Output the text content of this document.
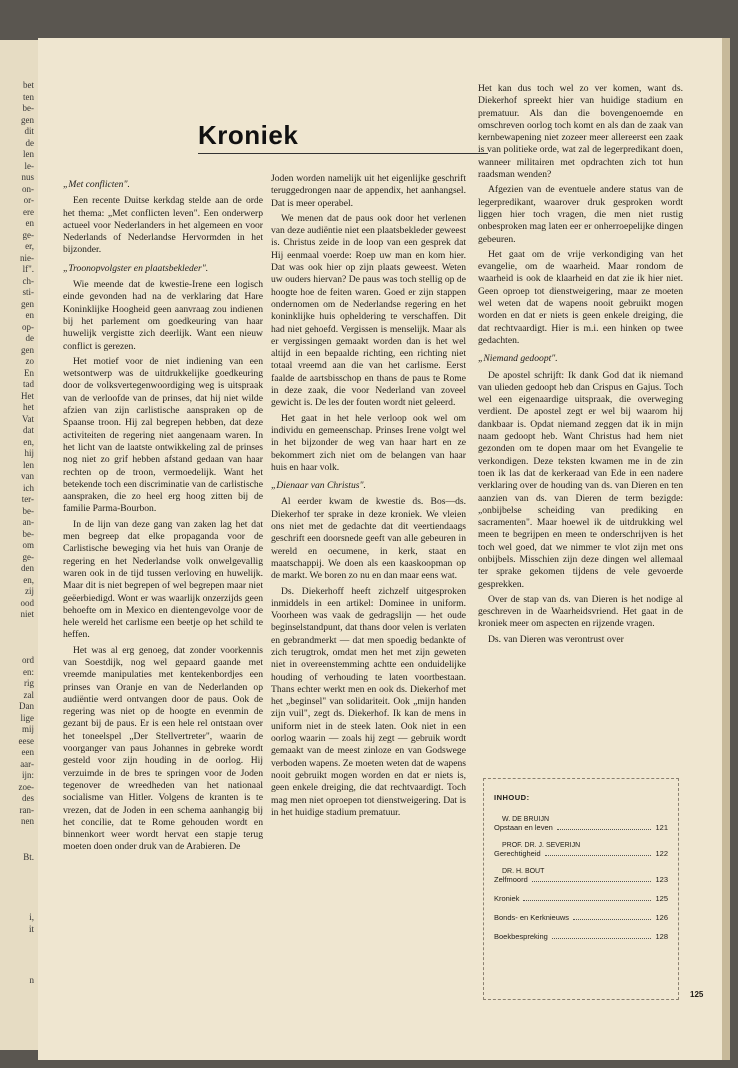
bet
ten
be-
gen
dit
de
len
le-
nus
on-
or-
ere
en
ge-
er,
nie-
lf".
ch-
sti-
gen
en
op-
de
gen
zo
En
tad
Het
het
Vat
dat
en,
hij
len
van
ich
ter-
be-
an-
be-
om
ge-
den
en,
zij
ood
niet
ord
en:
rig
zal
Dan
lige
mij
eese
een
aar-
ijn:
zoe-
des
ran-
nen
Bt.
i,
it
n
Kroniek
„Met conflicten".

Een recente Duitse kerkdag stelde aan de orde het thema: „Met conflicten leven". Een onderwerp actueel voor Nederlanders in het algemeen en voor Nederlands of Nederlandse Hervormden in het bijzonder.

„Troonopvolgster en plaatsbekleder".

Wie meende dat de kwestie-Irene een logisch einde gevonden had na de verklaring dat Hare Koninklijke Hoogheid geen aanvraag zou indienen bij het parlement om goedkeuring van haar huwelijk vergistte zich deerlijk. Want een nieuw conflict is gerezen.

Het motief voor de niet indiening van een wetsontwerp was de uitdrukkelijke goedkeuring door de volksvertegenwoordiging weg is uitspraak van de verloofde van de prinses, dat hij niet wilde afzien van zijn carlistische aanspraken op de Spaanse troon. Hij zal begrepen hebben, dat deze activiteiten de regering niet aangenaam waren. In het licht van de laatste ontwikkeling zal de prinses nog niet zo grif hebben afstand gedaan van haar rechten op de troon, vermoedelijk. Want het betekende toch een discriminatie van de carlistische aanspraken, die zo heel erg hoog zitten bij de familie Parma-Bourbon.

In de lijn van deze gang van zaken lag het dat men begreep dat elke propaganda voor de Carlistische beweging via het huis van Oranje de regering en het Nederlandse volk onwelgevallig waren ook in de tijd tussen verloving en huwelijk. Maar dit is niet begrepen of wel begrepen maar niet geëerbiedigd. Wont er was waarlijk onzerzijds geen behoefte om in Mexico en dientengevolge voor de hele wereld het carlisme een beetje op het schild te heffen.

Het was al erg genoeg, dat zonder voorkennis van Soestdijk, nog wel gepaard gaande met vreemde manipulaties met kentekenbordjes een prinses van Oranje en van de Nederlanden op audiëntie werd ontvangen door de paus. Ook de regering was niet op de hoogte en evenmin de gezant bij de paus. Er is een hele rel ontstaan over het toneelspel „Der Stellvertreter", waarin de voorganger van paus Johannes in gebreke wordt gesteld voor zijn houding in de oorlog. Hij verzuimde in de bres te springen voor de Joden tegenover de wreedheden van het nationaal socialisme van Hitler. Volgens de kranten is te vrezen, dat de Joden in een schema aanhangig bij het concilie, dat te Rome gehouden wordt en binnenkort weer wordt hervat een stapje terug moeten doen onder druk van de Arabieren. De

Joden worden namelijk uit het eigenlijke geschrift teruggedrongen naar de appendix, het aanhangsel. Dat is meer operabel.

We menen dat de paus ook door het verlenen van deze audiëntie niet een plaatsbekleder geweest is. Christus zeide in de loop van een gesprek dat Hij eenmaal voerde: Roep uw man en kom hier. Dat was ook hier op zijn plaats geweest. Weten uw ouders hiervan? De paus was toch stellig op de hoogte hoe de feiten waren. Goed er zijn stappen ondernomen om de Nederlandse regering en het koninklijke huis opheldering te verschaffen. Dit had niet gehoefd. Vergissen is menselijk. Maar als er vergissingen gemaakt worden dan is het wel altijd in een bepaalde richting, een richting niet totaal vreemd aan die van het carlisme. Eerst faalde de aartsbisschop en thans de paus te Rome in deze zaak, die voor Nederland van zoveel gewicht is. De les der fouten wordt niet geleerd.

Het gaat in het hele verloop ook wel om individu en gemeenschap. Prinses Irene volgt wel in het bijzonder de weg van haar hart en ze bekommert zich niet om de belangen van haar huis en haar volk.

„Dienaar van Christus".

Al eerder kwam de kwestie ds. Bos—ds. Diekerhof ter sprake in deze kroniek. We vleien ons niet met de gedachte dat dit veertiendaags geschrift een doorsnede geeft van alle gebeuren in wereld en oecumene, in kerk, staat en maatschappij. We doen als een kaaskoopman op de markt. We boren zo nu en dan maar eens wat.

Ds. Diekerhoff heeft zichzelf uitgesproken inmiddels in een artikel: Dominee in uniform. Voorheen was vaak de gedragslijn — het oude beginselstandpunt, dat thans door velen is verlaten en gebrandmerkt — dat men spoedig bedankte of zich terugtrok, omdat men het met zijn geweten niet in overeenstemming achtte een onduidelijke houding of verhouding te laten voortbestaan. Thans echter werkt men en ook ds. Diekerhof met het „beginsel" van solidariteit. Ook „mijn handen zijn vuil", zegt ds. Diekerhof. Ik kan de mens in uniform niet in de steek laten. Ook niet in een oorlog waarin — zoals hij zegt — gebruik wordt gemaakt van de meest zinloze en van Godswege verboden wapens. Ze moeten weten dat de wapens nooit gebruikt mogen worden en dat er niets is, geen enkele dreiging, die dat rechtvaardigt. Toch mag men niet oproepen tot dienstweigering. Dat is in het huidige stadium prematuur.

Het kan dus toch wel zo ver komen, want ds. Diekerhof spreekt hier van huidige stadium en prematuur. Als dan die bovengenoemde en omschreven oorlog toch komt en als dan de zaak van kernbewapening niet zozeer meer allereerst een zaak is van politieke orde, wat zal de legerpredikant doen, wanneer militairen met opdrachten zich tot hun raadsman wenden?

Afgezien van de eventuele andere status van de legerpredikant, waarover druk gesproken wordt liggen hier toch vragen, die men niet rustig onbesproken mag laten eer er onherroepelijke dingen gebeuren.

Het gaat om de vrije verkondiging van het evangelie, om de waarheid. Maar rondom de waarheid is ook de klaarheid en dat zie ik hier niet. Geen oproep tot dienstweigering, maar ze moeten wel weten dat de wapens nooit gebruikt mogen worden en dat er niets is geen enkele dreiging, die dat rechtvaardigt. Hier is m.i. een hinken op twee gedachten.

„Niemand gedoopt".

De apostel schrijft: Ik dank God dat ik niemand van ulieden gedoopt heb dan Crispus en Gajus. Toch wel een eigenaardige uitspraak, die overweging verdient. De apostel zegt er wel bij waarom hij dankbaar is. Opdat niemand zeggen dat ik in mijn naam gedoopt heb. Want Christus had hem niet gezonden om te dopen maar om het Evangelie te verkondigen. Deze teksten kwamen me in de zin toen ik las dat de kerkeraad van Ede in een nadere verklaring over de houding van ds. van Dieren en ten aanzien van ds. van Dieren de term bezigde: „onbijbelse scheiding van prediking en sacramenten". Maar hoewel ik de uitdrukking wel meen te begrijpen en meen te onderschrijven is het toch wel goed, dat we nimmer te vlot zijn met ons onbijbels. Misschien zijn deze dingen wel allemaal ter sprake gekomen tijdens de vele gevoerde gesprekken.

Over de stap van ds. van Dieren is het nodige al geschreven in de Waarheidsvriend. Het gaat in de kroniek meer om aspecten en rijzende vragen.

Ds. van Dieren was verontrust over

INHOUD:
W. DE BRUIJN
Opstaan en leven	121
PROF. DR. J. SEVERIJN
Gerechtigheid	122
DR. H. BOUT
Zelfmoord	123
Kroniek	125
Bonds- en Kerknieuws	126
Boekbespreking	128
125
